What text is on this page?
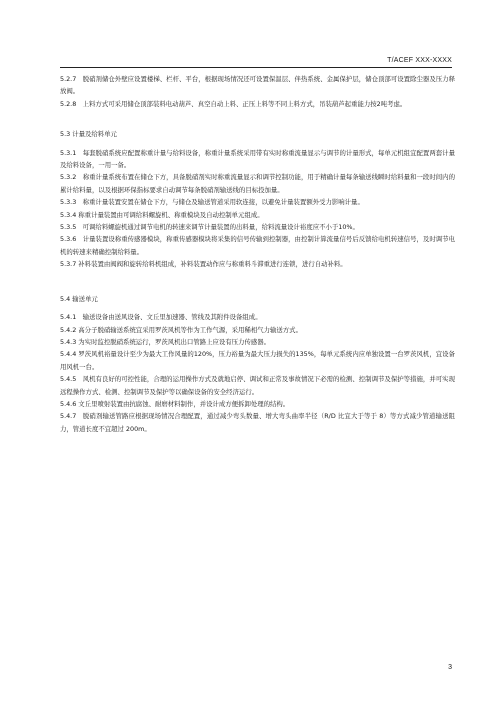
T/ACEF XXX-XXXX

5.2.7　脱硝剂储仓外壁应设置楼梯、栏杆、平台，根据现场情况还可设置保温层、伴热系统、金属保护层，储仓顶部可设置除尘器及压力释放阀。

5.2.8　上料方式可采用储仓顶部装料电动葫芦、真空自动上料、正压上料等不同上料方式，吊装葫芦起重能力按2吨考虑。

5.3 计量及给料单元

5.3.1　每套脱硝系统应配置称重计量与给料设备，称重计量系统采用带有实时称重流量显示与调节的计量形式，每单元机组宜配置两套计量及给料设备，一用一备。

5.3.2　称重计量系统布置在储仓下方，具备脱硝剂实时称重流量显示和调节控制功能，用于精确计量每条输送线瞬时给料量和一段时间内的累计给料量，以及根据环保指标要求自动调节每条脱硝剂输送线的目标投加量。

5.3.3　称重计量装置安置在储仓下方，与储仓及输送管道采用软连接，以避免计量装置额外受力影响计量。

5.3.4 称重计量装置由可调给料螺旋机、称重模块及自动控制单元组成。

5.3.5　可调给料螺旋机通过调节电机的转速来调节计量装置的出料量，给料流量设计裕度应不小于10%。

5.3.6　计量装置设称重传感器模块，称重传感器模块将采集的信号传输到控制器，由控制计算流量信号后反馈给电机转速信号，及时调节电机的转速来精确控制给料量。

5.3.7 补料装置由阀阀和旋转给料机组成，补料装置动作应与称重料斗滞重进行连锁，进行自动补料。

5.4 输送单元

5.4.1　输送设备由送风设备、文丘里加速器、管线及其附件设备组成。

5.4.2 高分子脱硝输送系统宜采用罗茨风机等作为工作气源，采用稀相气力输送方式。

5.4.3 为实时监控脱硝系统运行，罗茨风机出口管路上应设有压力传感器。

5.4.4 罗茨风机裕量设计至少为最大工作风量的120%，压力裕量为最大压力损失的135%，每单元系统内应单独设置一台罗茨风机，宜设备用风机一台。

5.4.5　风机有良好的可控性能，合理的运用操作方式及就地启停、调试和正常及事故情况下必需的检测、控制调节及保护等措施，并可实现远程操作方式、检测、控制调节及保护等以确保设备的安全经济运行。

5.4.6 文丘里喷射装置由抗腐蚀、耐磨材料制作，并设计成方便拆卸处理的结构。

5.4.7　脱硝剂输送管路应根据现场情况合理配置，通过减少弯头数量、增大弯头曲率半径（R/D 比宜大于等于 8）等方式减少管道输送阻力，管道长度不宜超过 200m。

3
